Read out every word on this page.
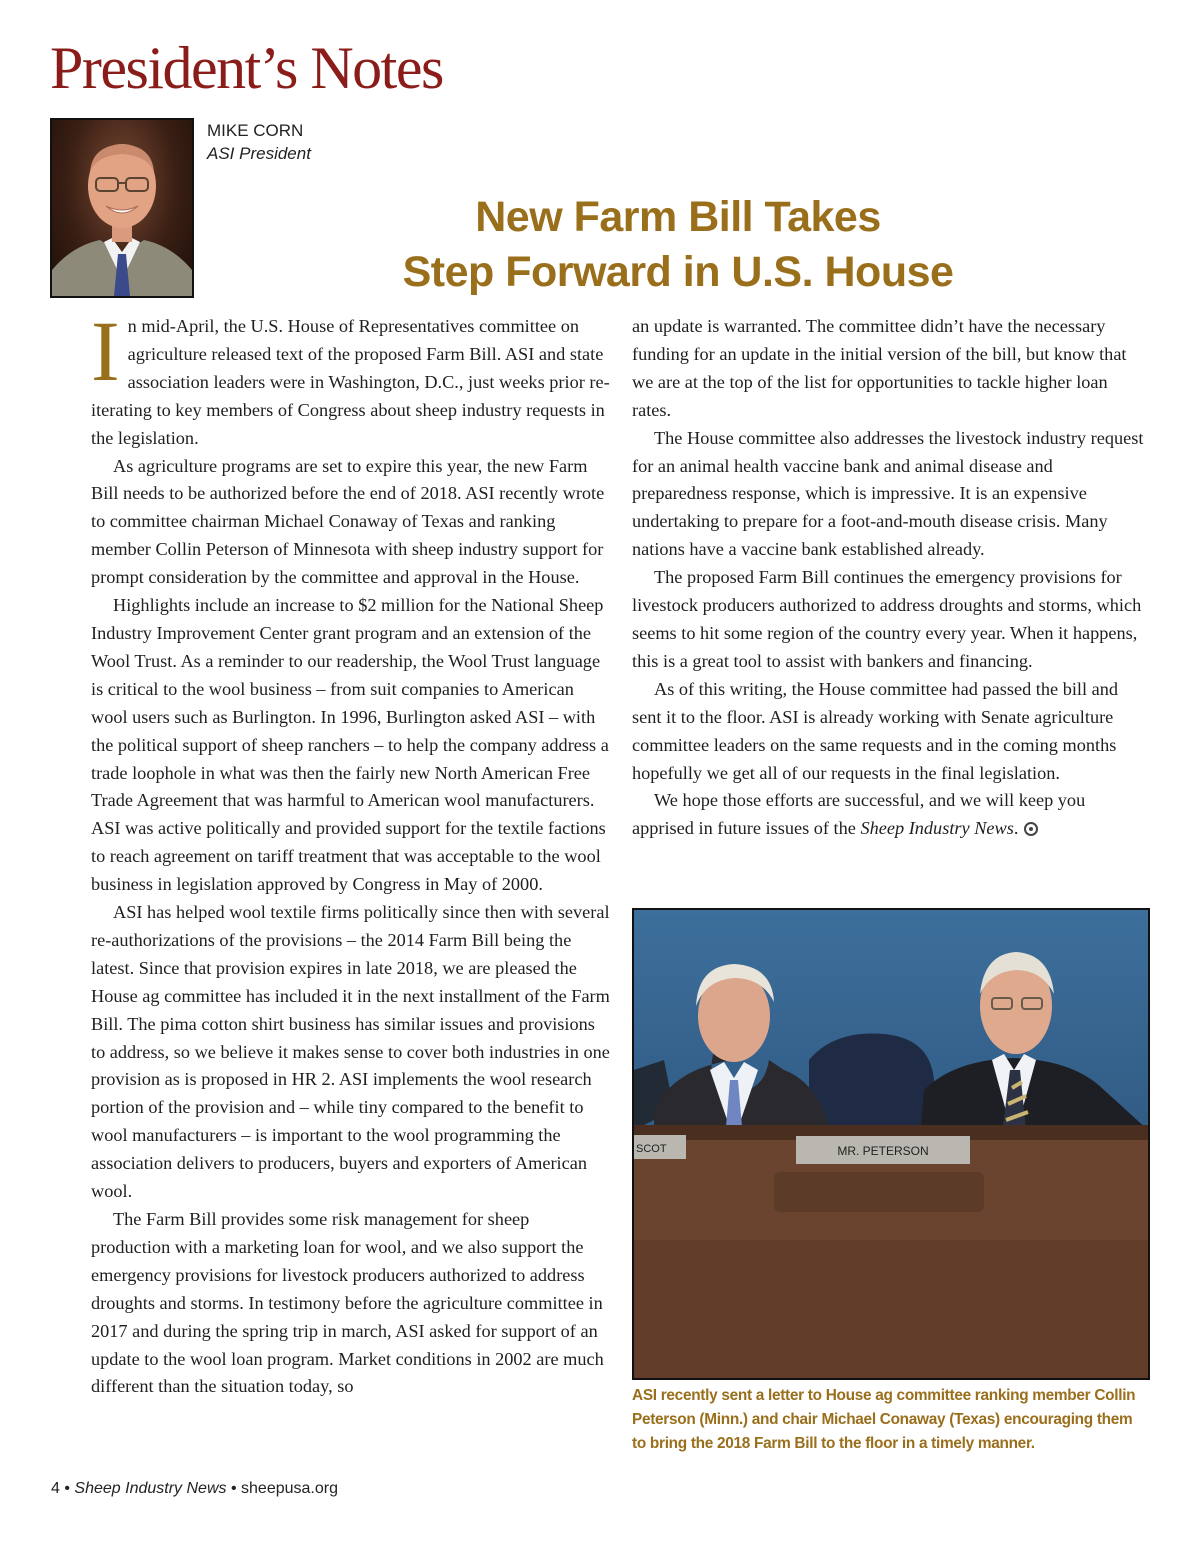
President’s Notes
MIKE CORN
ASI President
New Farm Bill Takes
Step Forward in U.S. House

In mid-April, the U.S. House of Representatives committee on agriculture released text of the proposed Farm Bill. ASI and state association leaders were in Washington, D.C., just weeks prior re-iterating to key members of Congress about sheep industry requests in the legislation.

As agriculture programs are set to expire this year, the new Farm Bill needs to be authorized before the end of 2018. ASI recently wrote to committee chairman Michael Conaway of Texas and ranking member Collin Peterson of Minnesota with sheep industry support for prompt consideration by the committee and approval in the House.

Highlights include an increase to $2 million for the National Sheep Industry Improvement Center grant program and an extension of the Wool Trust. As a reminder to our readership, the Wool Trust language is critical to the wool business – from suit companies to American wool users such as Burlington. In 1996, Burlington asked ASI – with the political support of sheep ranchers – to help the company address a trade loophole in what was then the fairly new North American Free Trade Agreement that was harmful to American wool manufacturers. ASI was active politically and provided support for the textile factions to reach agreement on tariff treatment that was acceptable to the wool business in legislation approved by Congress in May of 2000.

ASI has helped wool textile firms politically since then with several re-authorizations of the provisions – the 2014 Farm Bill being the latest. Since that provision expires in late 2018, we are pleased the House ag committee has included it in the next installment of the Farm Bill. The pima cotton shirt business has similar issues and provisions to address, so we believe it makes sense to cover both industries in one provision as is proposed in HR 2. ASI implements the wool research portion of the provision and – while tiny compared to the benefit to wool manufacturers – is important to the wool programming the association delivers to producers, buyers and exporters of American wool.

The Farm Bill provides some risk management for sheep production with a marketing loan for wool, and we also support the emergency provisions for livestock producers authorized to address droughts and storms. In testimony before the agriculture committee in 2017 and during the spring trip in march, ASI asked for support of an update to the wool loan program. Market conditions in 2002 are much different than the situation today, so

an update is warranted. The committee didn’t have the necessary funding for an update in the initial version of the bill, but know that we are at the top of the list for opportunities to tackle higher loan rates.

The House committee also addresses the livestock industry request for an animal health vaccine bank and animal disease and preparedness response, which is impressive. It is an expensive undertaking to prepare for a foot-and-mouth disease crisis. Many nations have a vaccine bank established already.

The proposed Farm Bill continues the emergency provisions for livestock producers authorized to address droughts and storms, which seems to hit some region of the country every year. When it happens, this is a great tool to assist with bankers and financing.

As of this writing, the House committee had passed the bill and sent it to the floor. ASI is already working with Senate agriculture committee leaders on the same requests and in the coming months hopefully we get all of our requests in the final legislation.

We hope those efforts are successful, and we will keep you apprised in future issues of the Sheep Industry News.

SCOT	MR. PETERSON

ASI recently sent a letter to House ag committee ranking member Collin Peterson (Minn.) and chair Michael Conaway (Texas) encouraging them to bring the 2018 Farm Bill to the floor in a timely manner.

4 • Sheep Industry News • sheepusa.org
